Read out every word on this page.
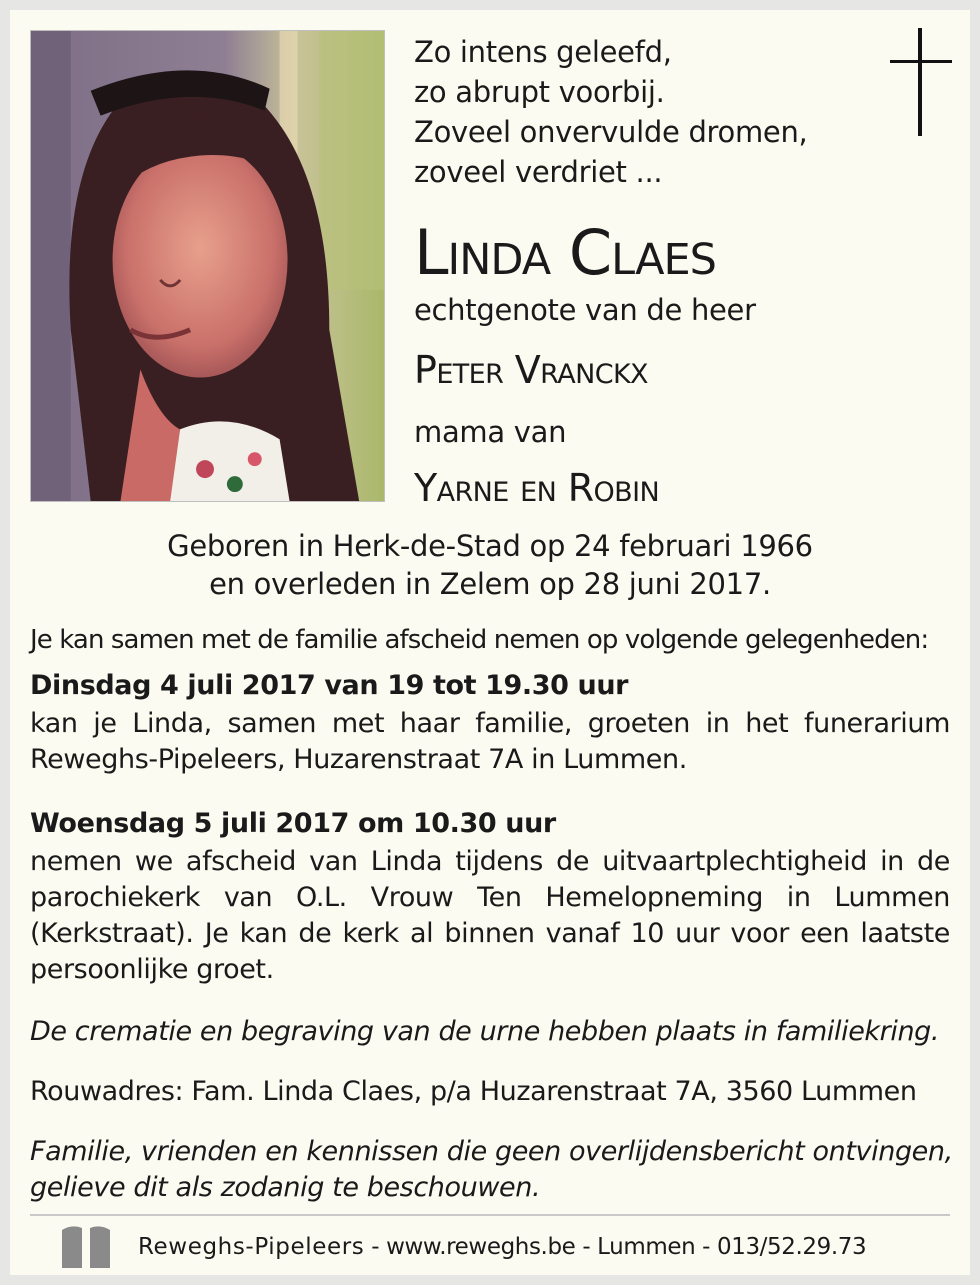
Zo intens geleefd,
zo abrupt voorbij.
Zoveel onvervulde dromen,
zoveel verdriet ...
Linda Claes
echtgenote van de heer
Peter Vranckx
mama van
Yarne en Robin
Geboren in Herk-de-Stad op 24 februari 1966
en overleden in Zelem op 28 juni 2017.
Je kan samen met de familie afscheid nemen op volgende gelegenheden:
Dinsdag 4 juli 2017 van 19 tot 19.30 uur
kan je Linda, samen met haar familie, groeten in het funerarium Reweghs-Pipeleers, Huzarenstraat 7A in Lummen.
Woensdag 5 juli 2017 om 10.30 uur
nemen we afscheid van Linda tijdens de uitvaartplechtigheid in de parochiekerk van O.L. Vrouw Ten Hemelopneming in Lummen (Kerkstraat). Je kan de kerk al binnen vanaf 10 uur voor een laatste persoonlijke groet.
De crematie en begraving van de urne hebben plaats in familiekring.
Rouwadres: Fam. Linda Claes, p/a Huzarenstraat 7A, 3560 Lummen
Familie, vrienden en kennissen die geen overlijdensbericht ontvingen,
gelieve dit als zodanig te beschouwen.
Reweghs-Pipeleers - www.reweghs.be - Lummen - 013/52.29.73
